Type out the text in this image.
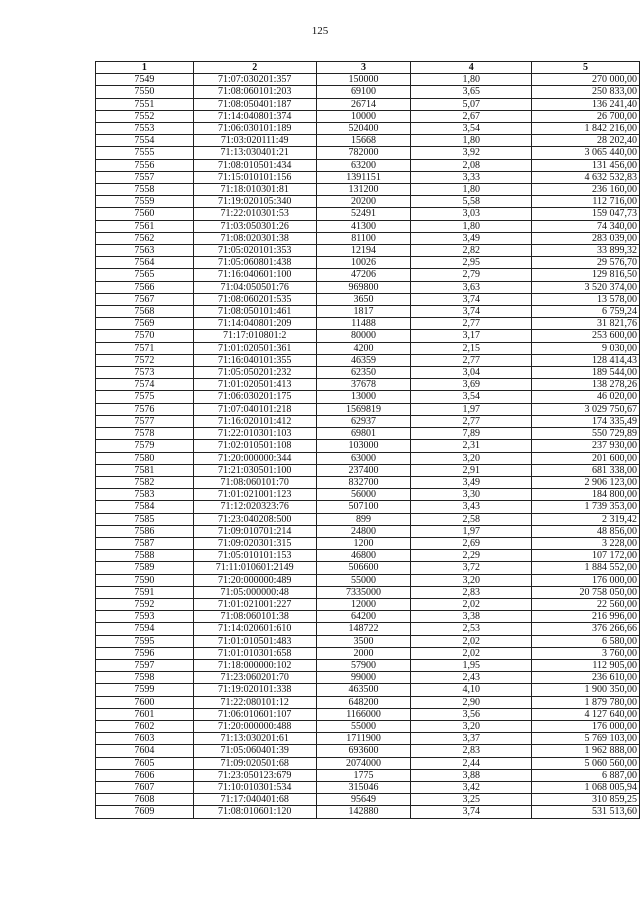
125
1	2	3	4	5
7549	71:07:030201:357	150000	1,80	270 000,00
7550	71:08:060101:203	69100	3,65	250 833,00
7551	71:08:050401:187	26714	5,07	136 241,40
7552	71:14:040801:374	10000	2,67	26 700,00
7553	71:06:030101:189	520400	3,54	1 842 216,00
7554	71:03:020111:49	15668	1,80	28 202,40
7555	71:13:030401:21	782000	3,92	3 065 440,00
7556	71:08:010501:434	63200	2,08	131 456,00
7557	71:15:010101:156	1391151	3,33	4 632 532,83
7558	71:18:010301:81	131200	1,80	236 160,00
7559	71:19:020105:340	20200	5,58	112 716,00
7560	71:22:010301:53	52491	3,03	159 047,73
7561	71:03:050301:26	41300	1,80	74 340,00
7562	71:08:020301:38	81100	3,49	283 039,00
7563	71:05:020101:353	12194	2,82	33 899,32
7564	71:05:060801:438	10026	2,95	29 576,70
7565	71:16:040601:100	47206	2,79	129 816,50
7566	71:04:050501:76	969800	3,63	3 520 374,00
7567	71:08:060201:535	3650	3,74	13 578,00
7568	71:08:050101:461	1817	3,74	6 759,24
7569	71:14:040801:209	11488	2,77	31 821,76
7570	71:17:010801:2	80000	3,17	253 600,00
7571	71:01:020501:361	4200	2,15	9 030,00
7572	71:16:040101:355	46359	2,77	128 414,43
7573	71:05:050201:232	62350	3,04	189 544,00
7574	71:01:020501:413	37678	3,69	138 278,26
7575	71:06:030201:175	13000	3,54	46 020,00
7576	71:07:040101:218	1569819	1,97	3 029 750,67
7577	71:16:020101:412	62937	2,77	174 335,49
7578	71:22:010301:103	69801	7,89	550 729,89
7579	71:02:010501:108	103000	2,31	237 930,00
7580	71:20:000000:344	63000	3,20	201 600,00
7581	71:21:030501:100	237400	2,91	681 338,00
7582	71:08:060101:70	832700	3,49	2 906 123,00
7583	71:01:021001:123	56000	3,30	184 800,00
7584	71:12:020323:76	507100	3,43	1 739 353,00
7585	71:23:040208:500	899	2,58	2 319,42
7586	71:09:010701:214	24800	1,97	48 856,00
7587	71:09:020301:315	1200	2,69	3 228,00
7588	71:05:010101:153	46800	2,29	107 172,00
7589	71:11:010601:2149	506600	3,72	1 884 552,00
7590	71:20:000000:489	55000	3,20	176 000,00
7591	71:05:000000:48	7335000	2,83	20 758 050,00
7592	71:01:021001:227	12000	2,02	22 560,00
7593	71:08:060101:38	64200	3,38	216 996,00
7594	71:14:020601:610	148722	2,53	376 266,66
7595	71:01:010501:483	3500	2,02	6 580,00
7596	71:01:010301:658	2000	2,02	3 760,00
7597	71:18:000000:102	57900	1,95	112 905,00
7598	71:23:060201:70	99000	2,43	236 610,00
7599	71:19:020101:338	463500	4,10	1 900 350,00
7600	71:22:080101:12	648200	2,90	1 879 780,00
7601	71:06:010601:107	1166000	3,56	4 127 640,00
7602	71:20:000000:488	55000	3,20	176 000,00
7603	71:13:030201:61	1711900	3,37	5 769 103,00
7604	71:05:060401:39	693600	2,83	1 962 888,00
7605	71:09:020501:68	2074000	2,44	5 060 560,00
7606	71:23:050123:679	1775	3,88	6 887,00
7607	71:10:010301:534	315046	3,42	1 068 005,94
7608	71:17:040401:68	95649	3,25	310 859,25
7609	71:08:010601:120	142880	3,74	531 513,60
